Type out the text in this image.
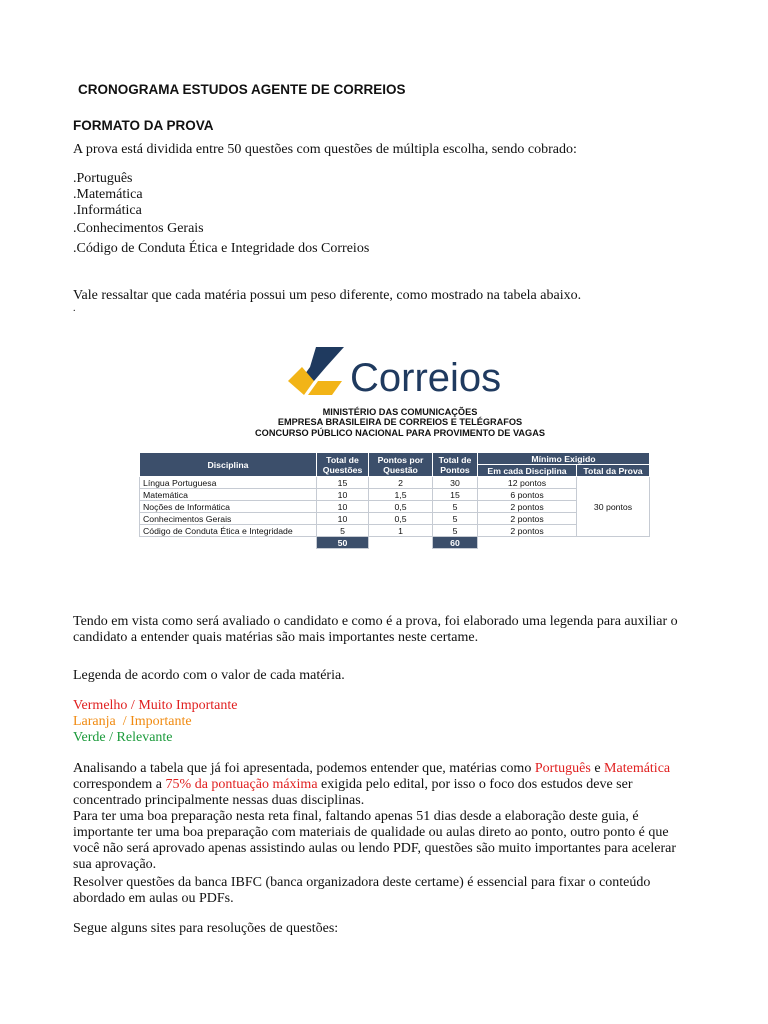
CRONOGRAMA ESTUDOS AGENTE DE CORREIOS
FORMATO DA PROVA
A prova está dividida entre 50 questões com questões de múltipla escolha, sendo cobrado:
.Português
.Matemática
.Informática
.Conhecimentos Gerais
.Código de Conduta Ética e Integridade dos Correios
Vale ressaltar que cada matéria possui um peso diferente, como mostrado na tabela abaixo.
.
Correios
MINISTÉRIO DAS COMUNICAÇÕES
EMPRESA BRASILEIRA DE CORREIOS E TELÉGRAFOS
CONCURSO PÚBLICO NACIONAL PARA PROVIMENTO DE VAGAS
Disciplina	Total de Questões	Pontos por Questão	Total de Pontos	Mínimo Exigido	
				Em cada Disciplina	Total da Prova
Língua Portuguesa	15	2	30	12 pontos	30 pontos
Matemática	10	1,5	15	6 pontos	
Noções de Informática	10	0,5	5	2 pontos	
Conhecimentos Gerais	10	0,5	5	2 pontos	
Código de Conduta Ética e Integridade	5	1	5	2 pontos	
	50		60		
Tendo em vista como será avaliado o candidato e como é a prova, foi elaborado uma legenda para auxiliar o candidato a entender quais matérias são mais importantes neste certame.
Legenda de acordo com o valor de cada matéria.
Vermelho / Muito Importante
Laranja  / Importante
Verde / Relevante
Analisando a tabela que já foi apresentada, podemos entender que, matérias como Português e Matemática
correspondem a 75% da pontuação máxima exigida pelo edital, por isso o foco dos estudos deve ser concentrado principalmente nessas duas disciplinas.
Para ter uma boa preparação nesta reta final, faltando apenas 51 dias desde a elaboração deste guia, é importante ter uma boa preparação com materiais de qualidade ou aulas direto ao ponto, outro ponto é que você não será aprovado apenas assistindo aulas ou lendo PDF, questões são muito importantes para acelerar sua aprovação.
Resolver questões da banca IBFC (banca organizadora deste certame) é essencial para fixar o conteúdo abordado em aulas ou PDFs.
Segue alguns sites para resoluções de questões:
